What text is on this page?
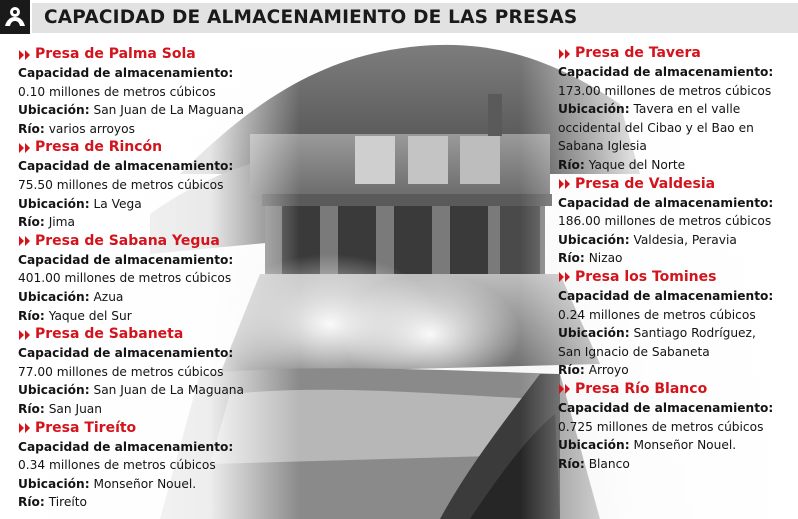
CAPACIDAD DE ALMACENAMIENTO DE LAS PRESAS
Presa de Palma Sola
Capacidad de almacenamiento:
0.10 millones de metros cúbicos
Ubicación: San Juan de La Maguana
Río: varios arroyos
Presa de Rincón
Capacidad de almacenamiento:
75.50 millones de metros cúbicos
Ubicación: La Vega
Río: Jima
Presa de Sabana Yegua
Capacidad de almacenamiento:
401.00 millones de metros cúbicos
Ubicación: Azua
Río: Yaque del Sur
Presa de Sabaneta
Capacidad de almacenamiento:
77.00 millones de metros cúbicos
Ubicación: San Juan de La Maguana
Río: San Juan
Presa Tireíto
Capacidad de almacenamiento:
0.34 millones de metros cúbicos
Ubicación: Monseñor Nouel.
Río: Tireíto
Presa de Tavera
Capacidad de almacenamiento:
173.00 millones de metros cúbicos
Ubicación: Tavera en el valle
occidental del Cibao y el Bao en
Sabana Iglesia
Río: Yaque del Norte
Presa de Valdesia
Capacidad de almacenamiento:
186.00 millones de metros cúbicos
Ubicación: Valdesia, Peravia
Río: Nizao
Presa los Tomines
Capacidad de almacenamiento:
0.24 millones de metros cúbicos
Ubicación: Santiago Rodríguez,
San Ignacio de Sabaneta
Río: Arroyo
Presa Río Blanco
Capacidad de almacenamiento:
0.725 millones de metros cúbicos
Ubicación: Monseñor Nouel.
Río: Blanco
